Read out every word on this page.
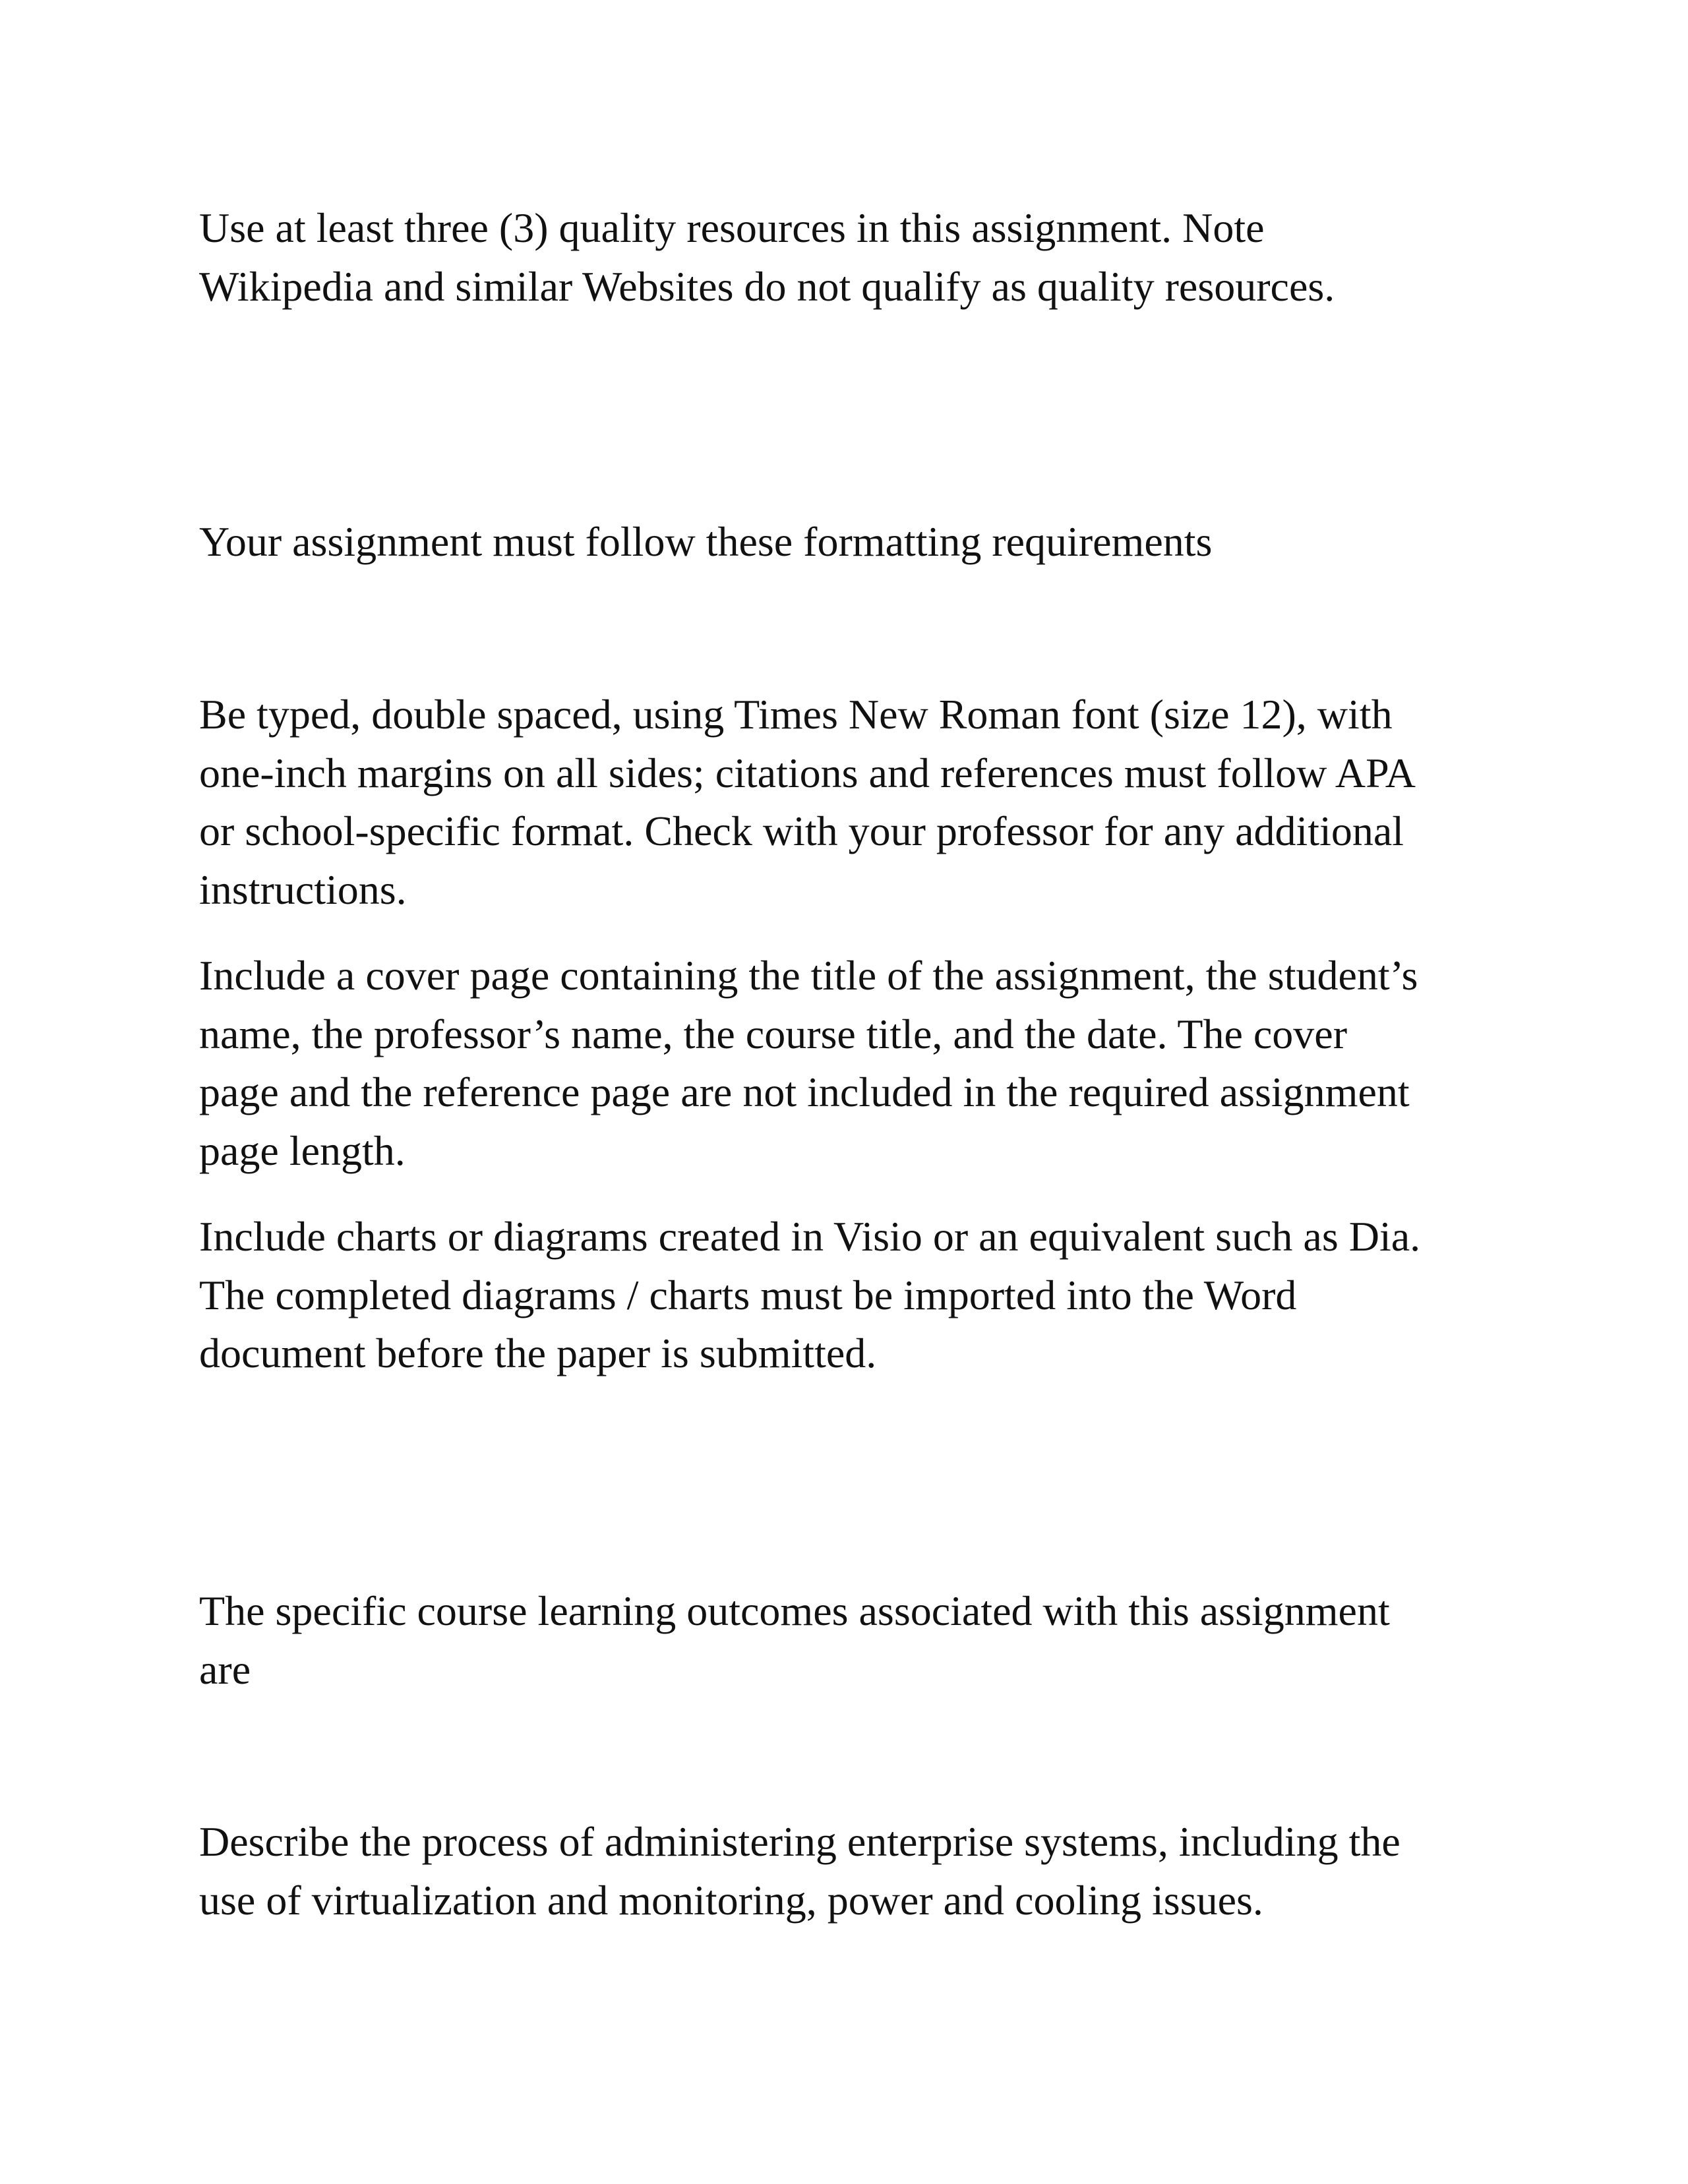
Use at least three (3) quality resources in this assignment. Note
Wikipedia and similar Websites do not qualify as quality resources.

Your assignment must follow these formatting requirements

Be typed, double spaced, using Times New Roman font (size 12), with
one-inch margins on all sides; citations and references must follow APA
or school-specific format. Check with your professor for any additional
instructions.

Include a cover page containing the title of the assignment, the student’s
name, the professor’s name, the course title, and the date. The cover
page and the reference page are not included in the required assignment
page length.

Include charts or diagrams created in Visio or an equivalent such as Dia.
The completed diagrams / charts must be imported into the Word
document before the paper is submitted.

The specific course learning outcomes associated with this assignment
are

Describe the process of administering enterprise systems, including the
use of virtualization and monitoring, power and cooling issues.
